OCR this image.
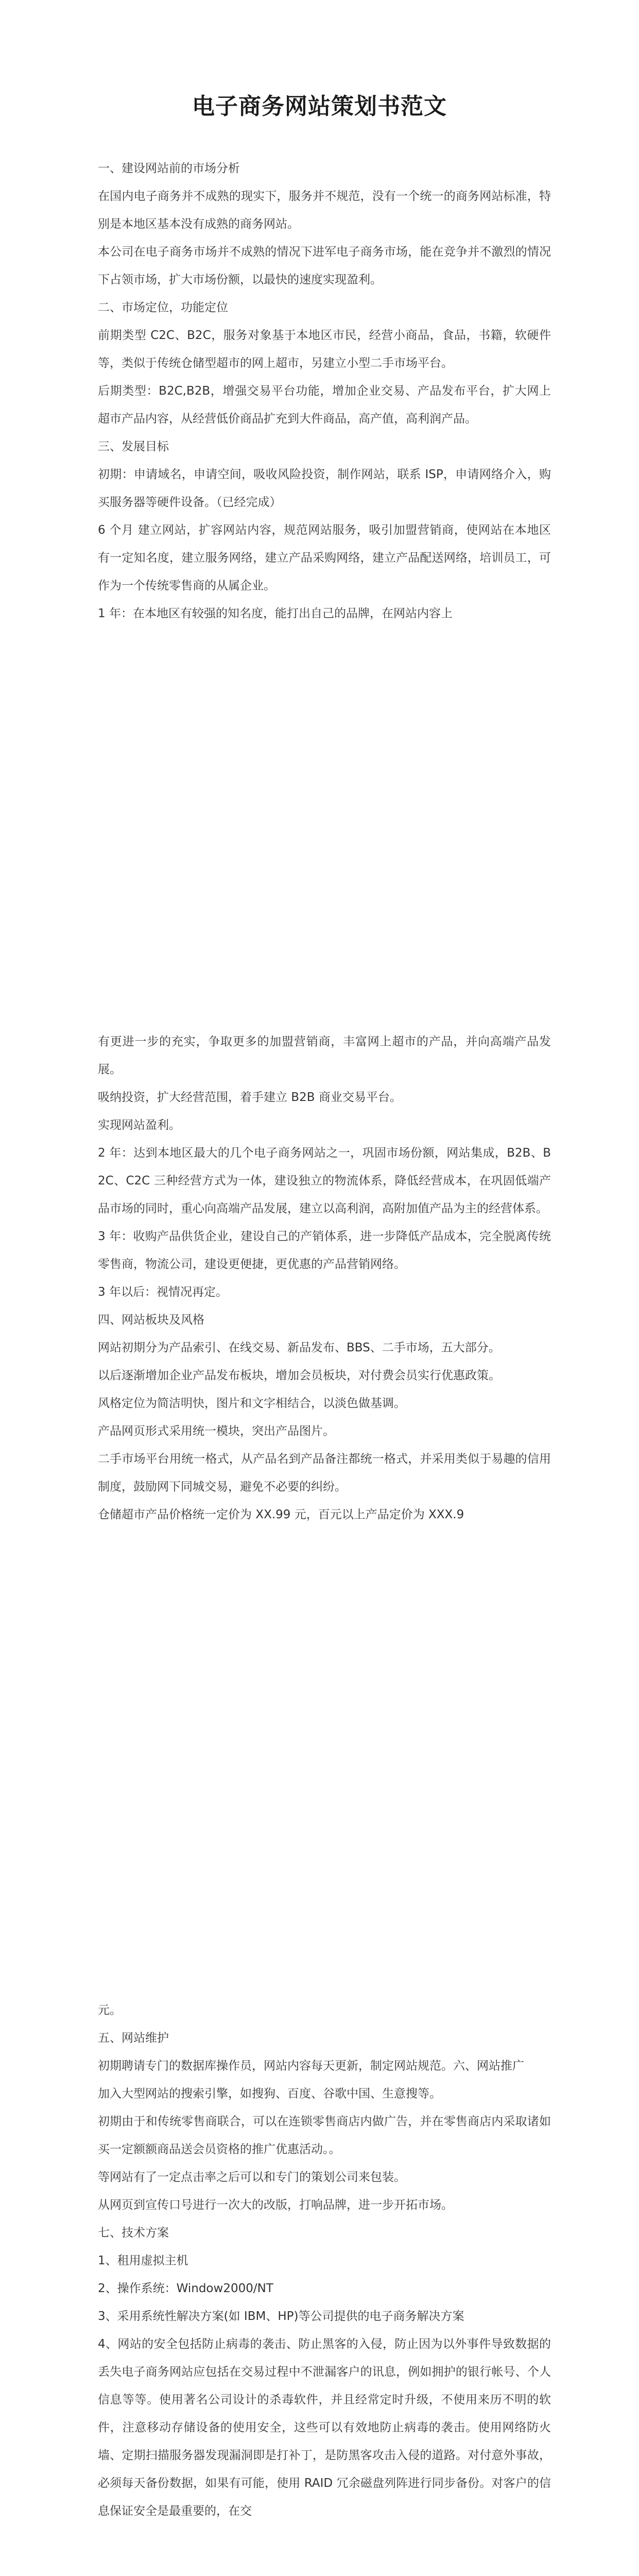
电子商务网站策划书范文

一、建设网站前的市场分析

在国内电子商务并不成熟的现实下，服务并不规范，没有一个统一的商务网站标准，特别是本地区基本没有成熟的商务网站。

本公司在电子商务市场并不成熟的情况下进军电子商务市场，能在竞争并不激烈的情况下占领市场，扩大市场份额，以最快的速度实现盈利。

二、市场定位，功能定位

前期类型 C2C、B2C，服务对象基于本地区市民，经营小商品，食品，书籍，软硬件等，类似于传统仓储型超市的网上超市，另建立小型二手市场平台。

后期类型：B2C,B2B，增强交易平台功能，增加企业交易、产品发布平台，扩大网上超市产品内容，从经营低价商品扩充到大件商品，高产值，高利润产品。

三、发展目标

初期：申请域名，申请空间，吸收风险投资，制作网站，联系 ISP，申请网络介入，购买服务器等硬件设备。（已经完成）

6 个月 建立网站，扩容网站内容，规范网站服务，吸引加盟营销商，使网站在本地区有一定知名度，建立服务网络，建立产品采购网络，建立产品配送网络，培训员工，可作为一个传统零售商的从属企业。

1 年：在本地区有较强的知名度，能打出自己的品牌，在网站内容上

有更进一步的充实，争取更多的加盟营销商，丰富网上超市的产品，并向高端产品发展。

吸纳投资，扩大经营范围，着手建立 B2B 商业交易平台。

实现网站盈利。

2 年：达到本地区最大的几个电子商务网站之一，巩固市场份额，网站集成，B2B、B2C、C2C 三种经营方式为一体，建设独立的物流体系，降低经营成本，在巩固低端产品市场的同时，重心向高端产品发展，建立以高利润，高附加值产品为主的经营体系。

3 年：收购产品供货企业，建设自己的产销体系，进一步降低产品成本，完全脱离传统零售商，物流公司，建设更便捷，更优惠的产品营销网络。

3 年以后：视情况再定。

四、网站板块及风格

网站初期分为产品索引、在线交易、新品发布、BBS、二手市场，五大部分。

以后逐渐增加企业产品发布板块，增加会员板块，对付费会员实行优惠政策。

风格定位为简洁明快，图片和文字相结合，以淡色做基调。

产品网页形式采用统一模块，突出产品图片。

二手市场平台用统一格式，从产品名到产品备注都统一格式，并采用类似于易趣的信用制度，鼓励网下同城交易，避免不必要的纠纷。

仓储超市产品价格统一定价为 XX.99 元，百元以上产品定价为 XXX.9

元。

五、网站维护

初期聘请专门的数据库操作员，网站内容每天更新，制定网站规范。六、网站推广

加入大型网站的搜索引擎，如搜狗、百度、谷歌中国、生意搜等。

初期由于和传统零售商联合，可以在连锁零售商店内做广告，并在零售商店内采取诸如买一定额额商品送会员资格的推广优惠活动。。

等网站有了一定点击率之后可以和专门的策划公司来包装。

从网页到宣传口号进行一次大的改版，打响品牌，进一步开拓市场。

七、技术方案

1、租用虚拟主机

2、操作系统：Window2000/NT

3、采用系统性解决方案(如 IBM、HP)等公司提供的电子商务解决方案

4、网站的安全包括防止病毒的袭击、防止黑客的入侵，防止因为以外事件导致数据的丢失电子商务网站应包括在交易过程中不泄漏客户的讯息，例如拥护的银行帐号、个人信息等等。使用著名公司设计的杀毒软件，并且经常定时升级，不使用来历不明的软件，注意移动存储设备的使用安全，这些可以有效地防止病毒的袭击。使用网络防火墙、定期扫描服务器发现漏洞即是打补丁，是防黑客攻击入侵的道路。对付意外事故，必须每天备份数据，如果有可能，使用 RAID 冗余磁盘列阵进行同步备份。对客户的信息保证安全是最重要的，在交
